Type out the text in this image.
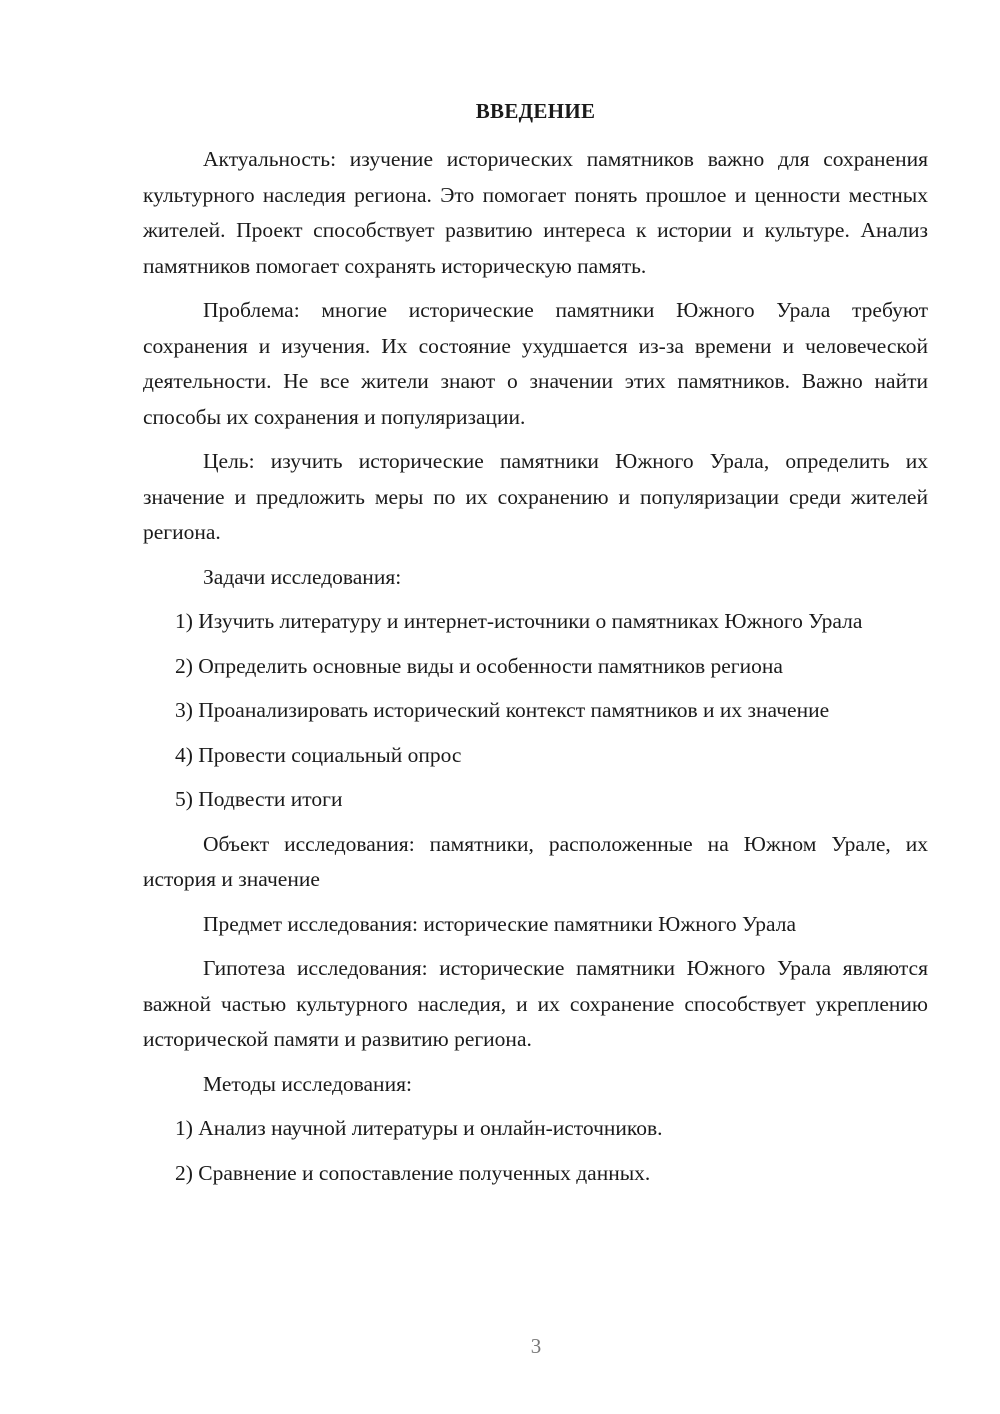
ВВЕДЕНИЕ

Актуальность: изучение исторических памятников важно для сохранения культурного наследия региона. Это помогает понять прошлое и ценности местных жителей. Проект способствует развитию интереса к истории и культуре. Анализ памятников помогает сохранять историческую память.

Проблема: многие исторические памятники Южного Урала требуют сохранения и изучения. Их состояние ухудшается из-за времени и человеческой деятельности. Не все жители знают о значении этих памятников. Важно найти способы их сохранения и популяризации.

Цель: изучить исторические памятники Южного Урала, определить их значение и предложить меры по их сохранению и популяризации среди жителей региона.

Задачи исследования:

1) Изучить литературу и интернет-источники о памятниках Южного Урала

2) Определить основные виды и особенности памятников региона

3) Проанализировать исторический контекст памятников и их значение

4) Провести социальный опрос

5) Подвести итоги

Объект исследования: памятники, расположенные на Южном Урале, их история и значение

Предмет исследования: исторические памятники Южного Урала

Гипотеза исследования: исторические памятники Южного Урала являются важной частью культурного наследия, и их сохранение способствует укреплению исторической памяти и развитию региона.

Методы исследования:

1) Анализ научной литературы и онлайн-источников.

2) Сравнение и сопоставление полученных данных.

3
